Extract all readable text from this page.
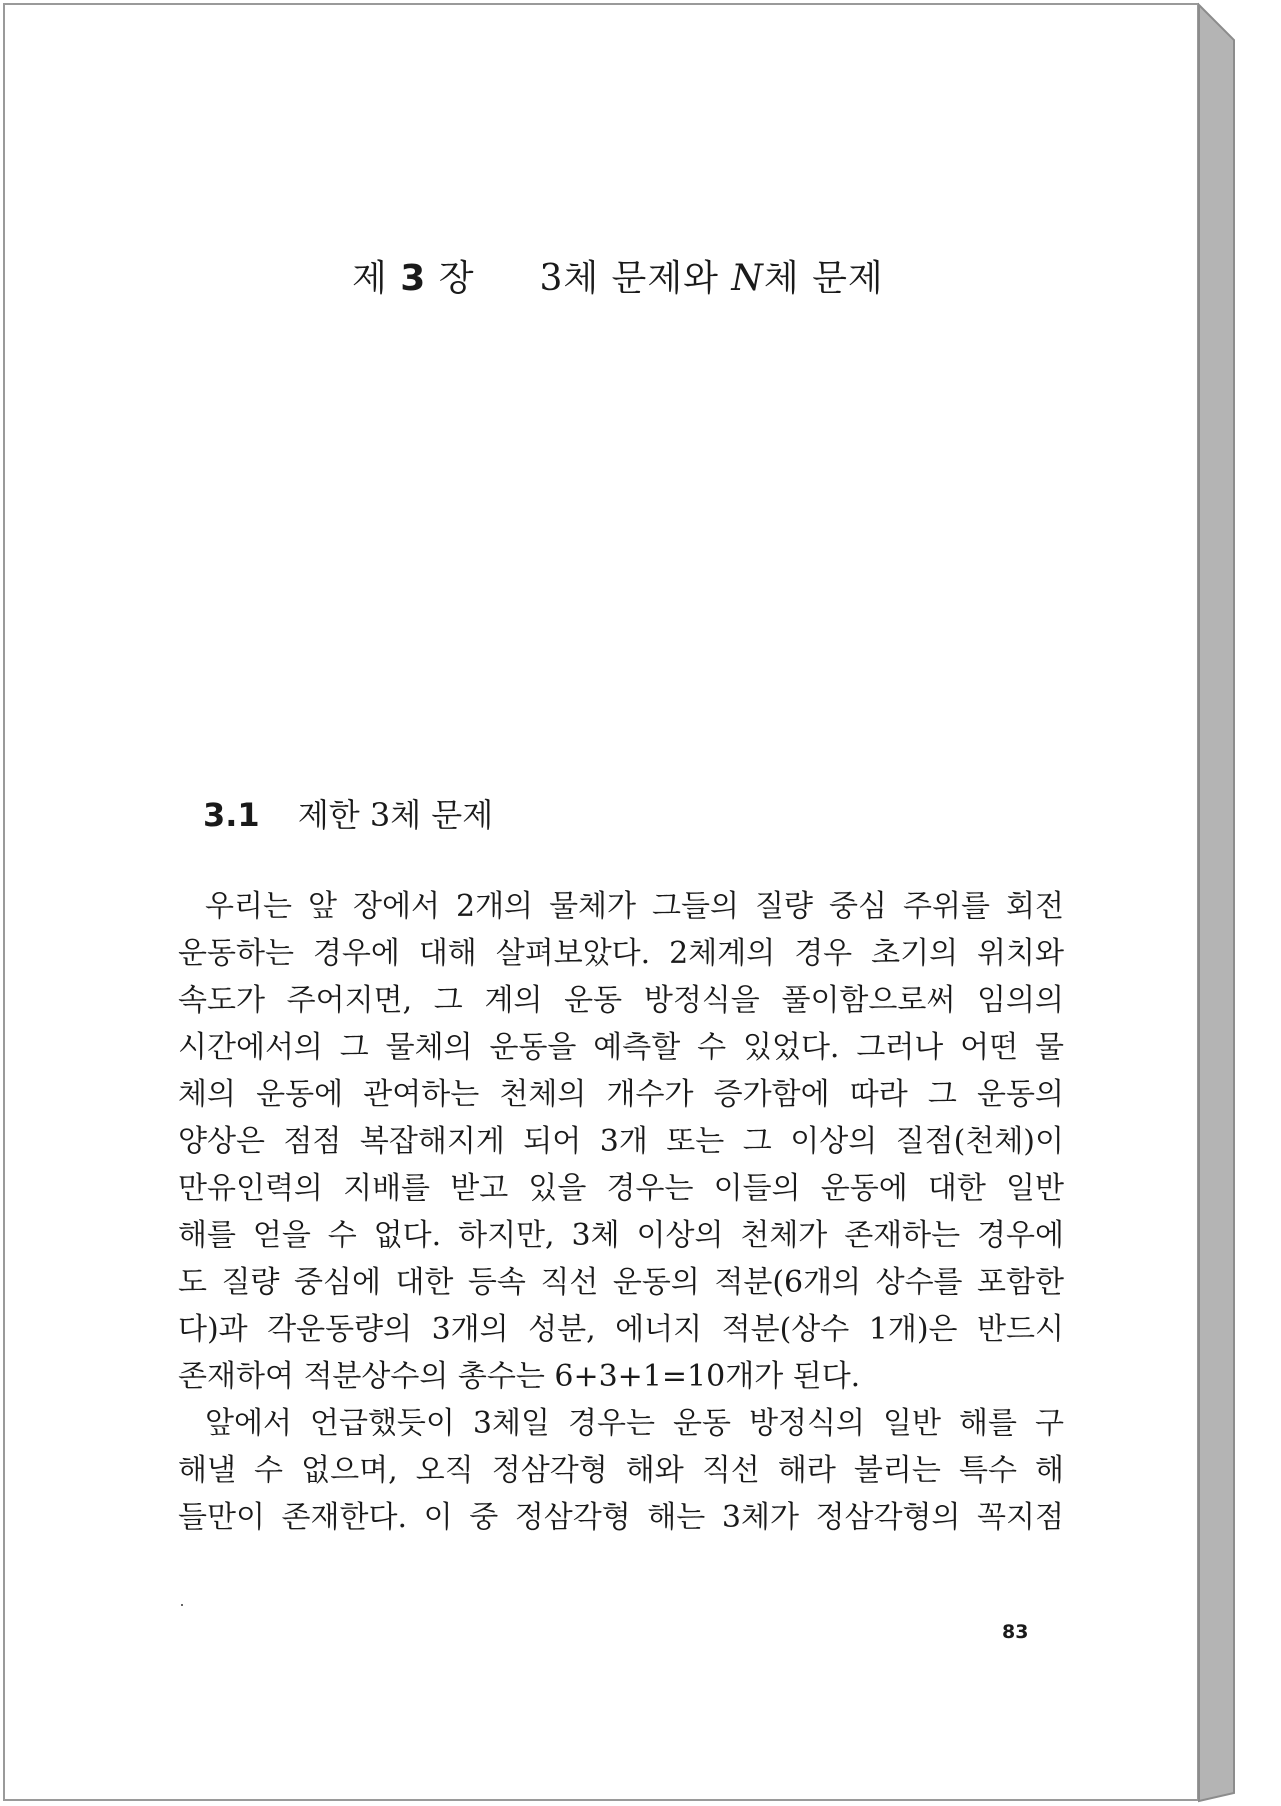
제 3 장 3체 문제와 N체 문제
3.1 제한 3체 문제
우리는 앞 장에서 2개의 물체가 그들의 질량 중심 주위를 회전
운동하는 경우에 대해 살펴보았다. 2체계의 경우 초기의 위치와
속도가 주어지면, 그 계의 운동 방정식을 풀이함으로써 임의의
시간에서의 그 물체의 운동을 예측할 수 있었다. 그러나 어떤 물
체의 운동에 관여하는 천체의 개수가 증가함에 따라 그 운동의
양상은 점점 복잡해지게 되어 3개 또는 그 이상의 질점(천체)이
만유인력의 지배를 받고 있을 경우는 이들의 운동에 대한 일반
해를 얻을 수 없다. 하지만, 3체 이상의 천체가 존재하는 경우에
도 질량 중심에 대한 등속 직선 운동의 적분(6개의 상수를 포함한
다)과 각운동량의 3개의 성분, 에너지 적분(상수 1개)은 반드시
존재하여 적분상수의 총수는 6+3+1=10개가 된다.
앞에서 언급했듯이 3체일 경우는 운동 방정식의 일반 해를 구
해낼 수 없으며, 오직 정삼각형 해와 직선 해라 불리는 특수 해
들만이 존재한다. 이 중 정삼각형 해는 3체가 정삼각형의 꼭지점
83
